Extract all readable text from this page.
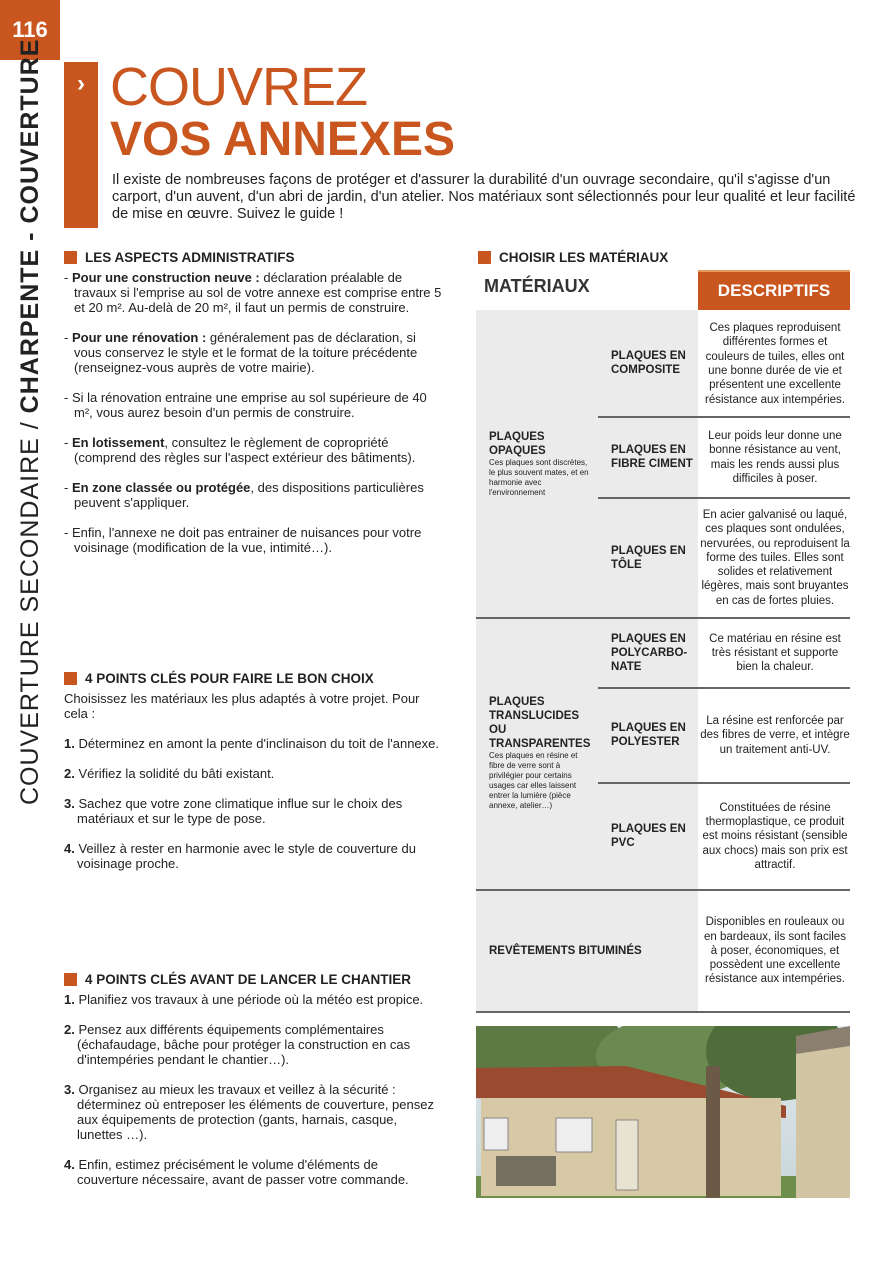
116
COUVERTURE SECONDAIRE / CHARPENTE - COUVERTURE	› COUVREZ
VOS ANNEXES
Il existe de nombreuses façons de protéger et d'assurer la durabilité d'un ouvrage secondaire, qu'il s'agisse d'un carport, d'un auvent, d'un abri de jardin, d'un atelier. Nos matériaux sont sélectionnés pour leur qualité et leur facilité de mise en œuvre. Suivez le guide !
LES ASPECTS ADMINISTRATIFS

- Pour une construction neuve : déclaration préalable de travaux si l'emprise au sol de votre annexe est comprise entre 5 et 20 m². Au-delà de 20 m², il faut un permis de construire.

- Pour une rénovation : généralement pas de déclaration, si vous conservez le style et le format de la toiture précédente (renseignez-vous auprès de votre mairie).

- Si la rénovation entraine une emprise au sol supérieure de 40 m², vous aurez besoin d'un permis de construire.

- En lotissement, consultez le règlement de copropriété (comprend des règles sur l'aspect extérieur des bâtiments).

- En zone classée ou protégée, des dispositions particulières peuvent s'appliquer.

- Enfin, l'annexe ne doit pas entrainer de nuisances pour votre voisinage (modification de la vue, intimité…).

4 POINTS CLÉS POUR FAIRE LE BON CHOIX

Choisissez les matériaux les plus adaptés à votre projet. Pour cela :

1. Déterminez en amont la pente d'inclinaison du toit de l'annexe.

2. Vérifiez la solidité du bâti existant.

3. Sachez que votre zone climatique influe sur le choix des matériaux et sur le type de pose.

4. Veillez à rester en harmonie avec le style de couverture du voisinage proche.

4 POINTS CLÉS AVANT DE LANCER LE CHANTIER

1. Planifiez vos travaux à une période où la météo est propice.

2. Pensez aux différents équipements complémentaires (échafaudage, bâche pour protéger la construction en cas d'intempéries pendant le chantier…).

3. Organisez au mieux les travaux et veillez à la sécurité : déterminez où entreposer les éléments de couverture, pensez aux équipements de protection (gants, harnais, casque, lunettes …).

4. Enfin, estimez précisément le volume d'éléments de couverture nécessaire, avant de passer votre commande.

CHOISIR LES MATÉRIAUX
MATÉRIAUX	DESCRIPTIFS
PLAQUES OPAQUES
Ces plaques sont discrètes, le plus souvent mates, et en harmonie avec l'environnement
PLAQUES TRANSLUCIDES OU TRANSPARENTES
Ces plaques en résine et fibre de verre sont à privilégier pour certains usages car elles laissent entrer la lumière (pièce annexe, atelier…)
REVÊTEMENTS BITUMINÉS
PLAQUES EN COMPOSITE
PLAQUES EN FIBRE CIMENT
PLAQUES EN TÔLE
PLAQUES EN POLYCARBO-NATE
PLAQUES EN POLYESTER
PLAQUES EN PVC
Ces plaques reproduisent différentes formes et couleurs de tuiles, elles ont une bonne durée de vie et présentent une excellente résistance aux intempéries.
Leur poids leur donne une bonne résistance au vent, mais les rends aussi plus difficiles à poser.
En acier galvanisé ou laqué, ces plaques sont ondulées, nervurées, ou reproduisent la forme des tuiles. Elles sont solides et relativement légères, mais sont bruyantes en cas de fortes pluies.
Ce matériau en résine est très résistant et supporte bien la chaleur.
La résine est renforcée par des fibres de verre, et intègre un traitement anti-UV.
Constituées de résine thermoplastique, ce produit est moins résistant (sensible aux chocs) mais son prix est attractif.
Disponibles en rouleaux ou en bardeaux, ils sont faciles à poser, économiques, et possèdent une excellente résistance aux intempéries.
